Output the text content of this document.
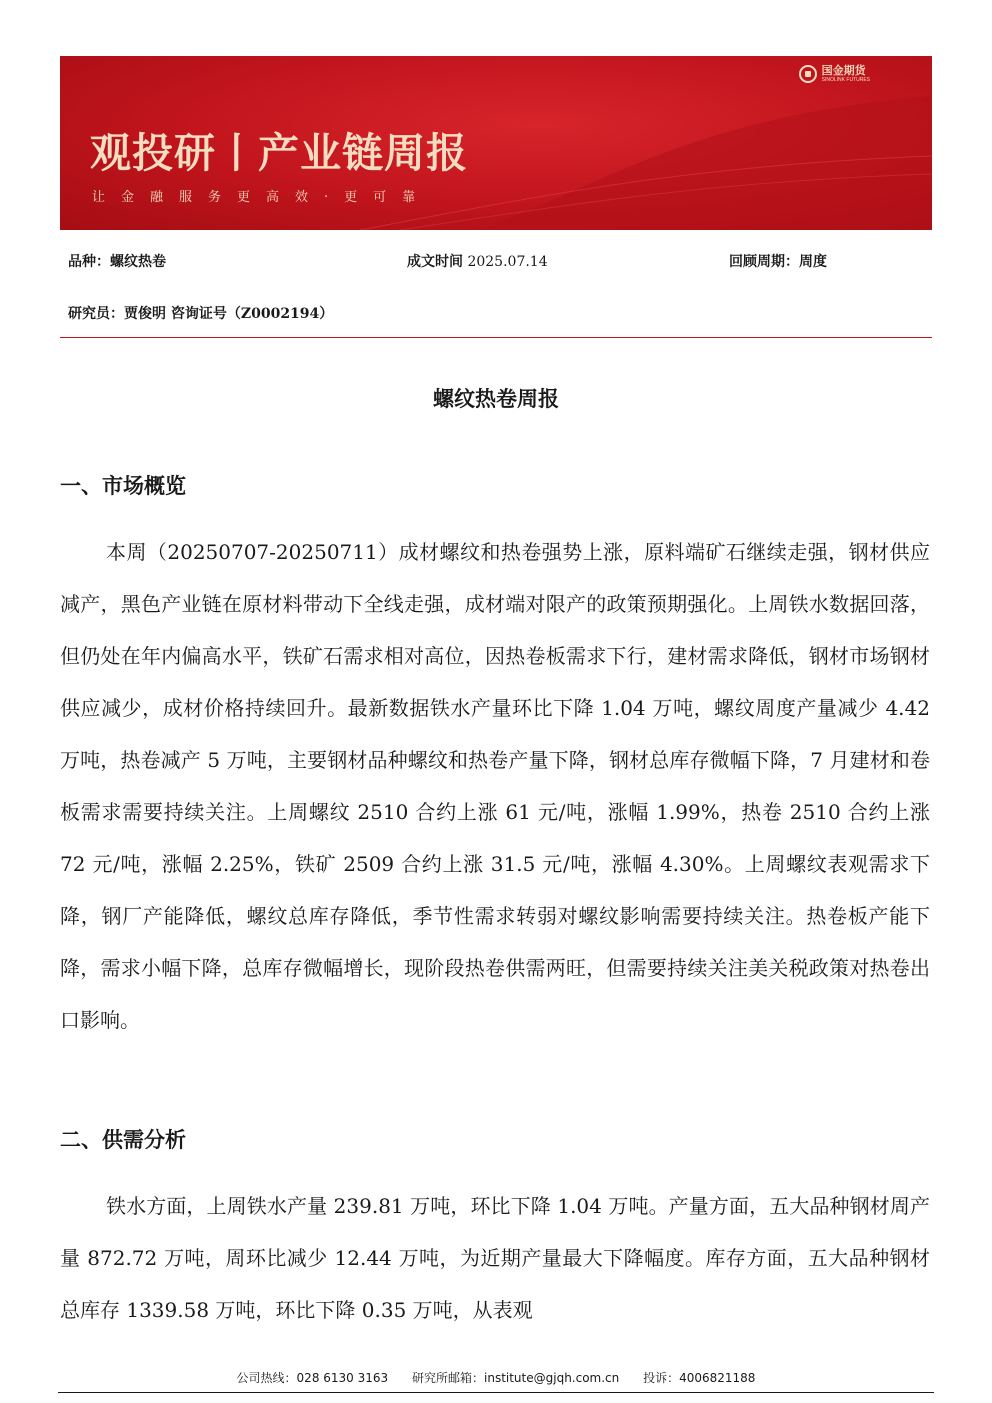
国金期货
SINOLINK FUTURES
观投研丨产业链周报
让金融服务更高效·更可靠
品种：螺纹热卷	成文时间 2025.07.14	回顾周期：周度
研究员：贾俊明 咨询证号（Z0002194）
螺纹热卷周报
一、市场概览

本周（20250707-20250711）成材螺纹和热卷强势上涨，原料端矿石继续走强，钢材供应减产，黑色产业链在原材料带动下全线走强，成材端对限产的政策预期强化。上周铁水数据回落，但仍处在年内偏高水平，铁矿石需求相对高位，因热卷板需求下行，建材需求降低，钢材市场钢材供应减少，成材价格持续回升。最新数据铁水产量环比下降 1.04 万吨，螺纹周度产量减少 4.42 万吨，热卷减产 5 万吨，主要钢材品种螺纹和热卷产量下降，钢材总库存微幅下降，7 月建材和卷板需求需要持续关注。上周螺纹 2510 合约上涨 61 元/吨，涨幅 1.99%，热卷 2510 合约上涨 72 元/吨，涨幅 2.25%，铁矿 2509 合约上涨 31.5 元/吨，涨幅 4.30%。上周螺纹表观需求下降，钢厂产能降低，螺纹总库存降低，季节性需求转弱对螺纹影响需要持续关注。热卷板产能下降，需求小幅下降，总库存微幅增长，现阶段热卷供需两旺，但需要持续关注美关税政策对热卷出口影响。

二、供需分析

铁水方面，上周铁水产量 239.81 万吨，环比下降 1.04 万吨。产量方面，五大品种钢材周产量 872.72 万吨，周环比减少 12.44 万吨，为近期产量最大下降幅度。库存方面，五大品种钢材总库存 1339.58 万吨，环比下降 0.35 万吨，从表观

公司热线：028 6130 3163 研究所邮箱：institute@gjqh.com.cn 投诉：4006821188
